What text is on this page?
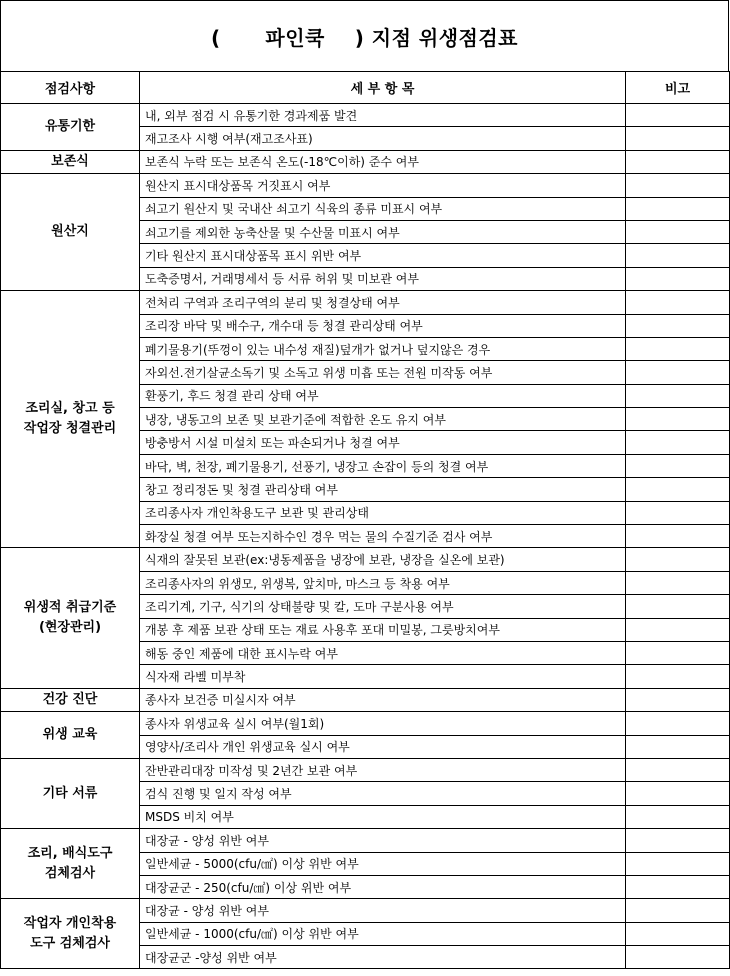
(      파인쿡    ) 지점 위생점검표
점검사항	세 부 항 목	비고
유통기한	내, 외부 점검 시 유통기한 경과제품 발견	
	재고조사 시행 여부(재고조사표)	
보존식	보존식 누락 또는 보존식 온도(-18℃이하) 준수 여부	
원산지	원산지 표시대상품목 거짓표시 여부	
	쇠고기 원산지 및 국내산 쇠고기 식육의 종류 미표시 여부	
	쇠고기를 제외한 농축산물 및 수산물 미표시 여부	
	기타 원산지 표시대상품목 표시 위반 여부	
	도축증명서, 거래명세서 등 서류 허위 및 미보관 여부	
조리실, 창고 등
작업장 청결관리	전처리 구역과 조리구역의 분리 및 청결상태 여부	
	조리장 바닥 및 배수구, 개수대 등 청결 관리상태 여부	
	폐기물용기(뚜껑이 있는 내수성 재질)덮개가 없거나 덮지않은 경우	
	자외선.전기살균소독기 및 소독고 위생 미흡 또는 전원 미작동 여부	
	환풍기, 후드 청결 관리 상태 여부	
	냉장, 냉동고의 보존 및 보관기준에 적합한 온도 유지 여부	
	방충방서 시설 미설치 또는 파손되거나 청결 여부	
	바닥, 벽, 천장, 폐기물용기, 선풍기, 냉장고 손잡이 등의 청결 여부	
	창고 정리정돈 및 청결 관리상태 여부	
	조리종사자 개인착용도구 보관 및 관리상태	
	화장실 청결 여부 또는지하수인 경우 먹는 물의 수질기준 검사 여부	
위생적 취급기준
(현장관리)	식재의 잘못된 보관(ex:냉동제품을 냉장에 보관, 냉장을 실온에 보관)	
	조리종사자의 위생모, 위생복, 앞치마, 마스크 등 착용 여부	
	조리기계, 기구, 식기의 상태불량 및 칼, 도마 구분사용 여부	
	개봉 후 제품 보관 상태 또는 재료 사용후 포대 미밀봉, 그릇방치여부	
	해동 중인 제품에 대한 표시누락 여부	
	식자재 라벨 미부착	
건강 진단	종사자 보건증 미실시자 여부	
위생 교육	종사자 위생교육 실시 여부(월1회)	
	영양사/조리사 개인 위생교육 실시 여부	
기타 서류	잔반관리대장 미작성 및 2년간 보관 여부	
	검식 진행 및 일지 작성 여부	
	MSDS 비치 여부	
조리, 배식도구
검체검사	대장균 - 양성 위반 여부	
	일반세균 - 5000(cfu/㎠) 이상 위반 여부	
	대장균군 - 250(cfu/㎠) 이상 위반 여부	
작업자 개인착용
도구 검체검사	대장균 - 양성 위반 여부	
	일반세균 - 1000(cfu/㎠) 이상 위반 여부	
	대장균군 -양성 위반 여부	
